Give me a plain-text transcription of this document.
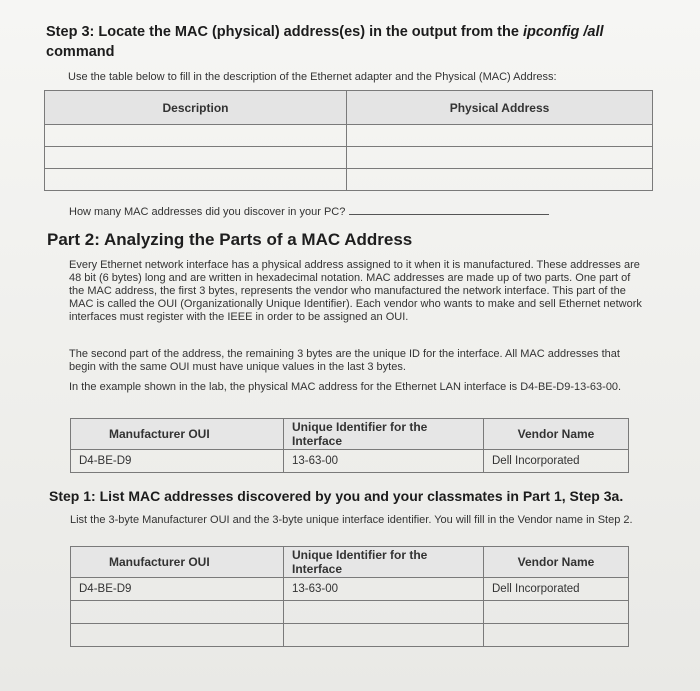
Step 3: Locate the MAC (physical) address(es) in the output from the ipconfig /all
command
Use the table below to fill in the description of the Ethernet adapter and the Physical (MAC) Address:
Description	Physical Address

How many MAC addresses did you discover in your PC?
Part 2: Analyzing the Parts of a MAC Address
Every Ethernet network interface has a physical address assigned to it when it is manufactured. These addresses are 48 bit (6 bytes) long and are written in hexadecimal notation. MAC addresses are made up of two parts. One part of the MAC address, the first 3 bytes, represents the vendor who manufactured the network interface. This part of the MAC is called the OUI (Organizationally Unique Identifier). Each vendor who wants to make and sell Ethernet network interfaces must register with the IEEE in order to be assigned an OUI.
The second part of the address, the remaining 3 bytes are the unique ID for the interface. All MAC addresses that begin with the same OUI must have unique values in the last 3 bytes.
In the example shown in the lab, the physical MAC address for the Ethernet LAN interface is D4-BE-D9-13-63-00.
Manufacturer OUI	Unique Identifier for the Interface	Vendor Name
D4-BE-D9	13-63-00	Dell Incorporated
Step 1: List MAC addresses discovered by you and your classmates in Part 1, Step 3a.
List the 3-byte Manufacturer OUI and the 3-byte unique interface identifier. You will fill in the Vendor name in Step 2.
Manufacturer OUI	Unique Identifier for the Interface	Vendor Name
D4-BE-D9	13-63-00	Dell Incorporated
